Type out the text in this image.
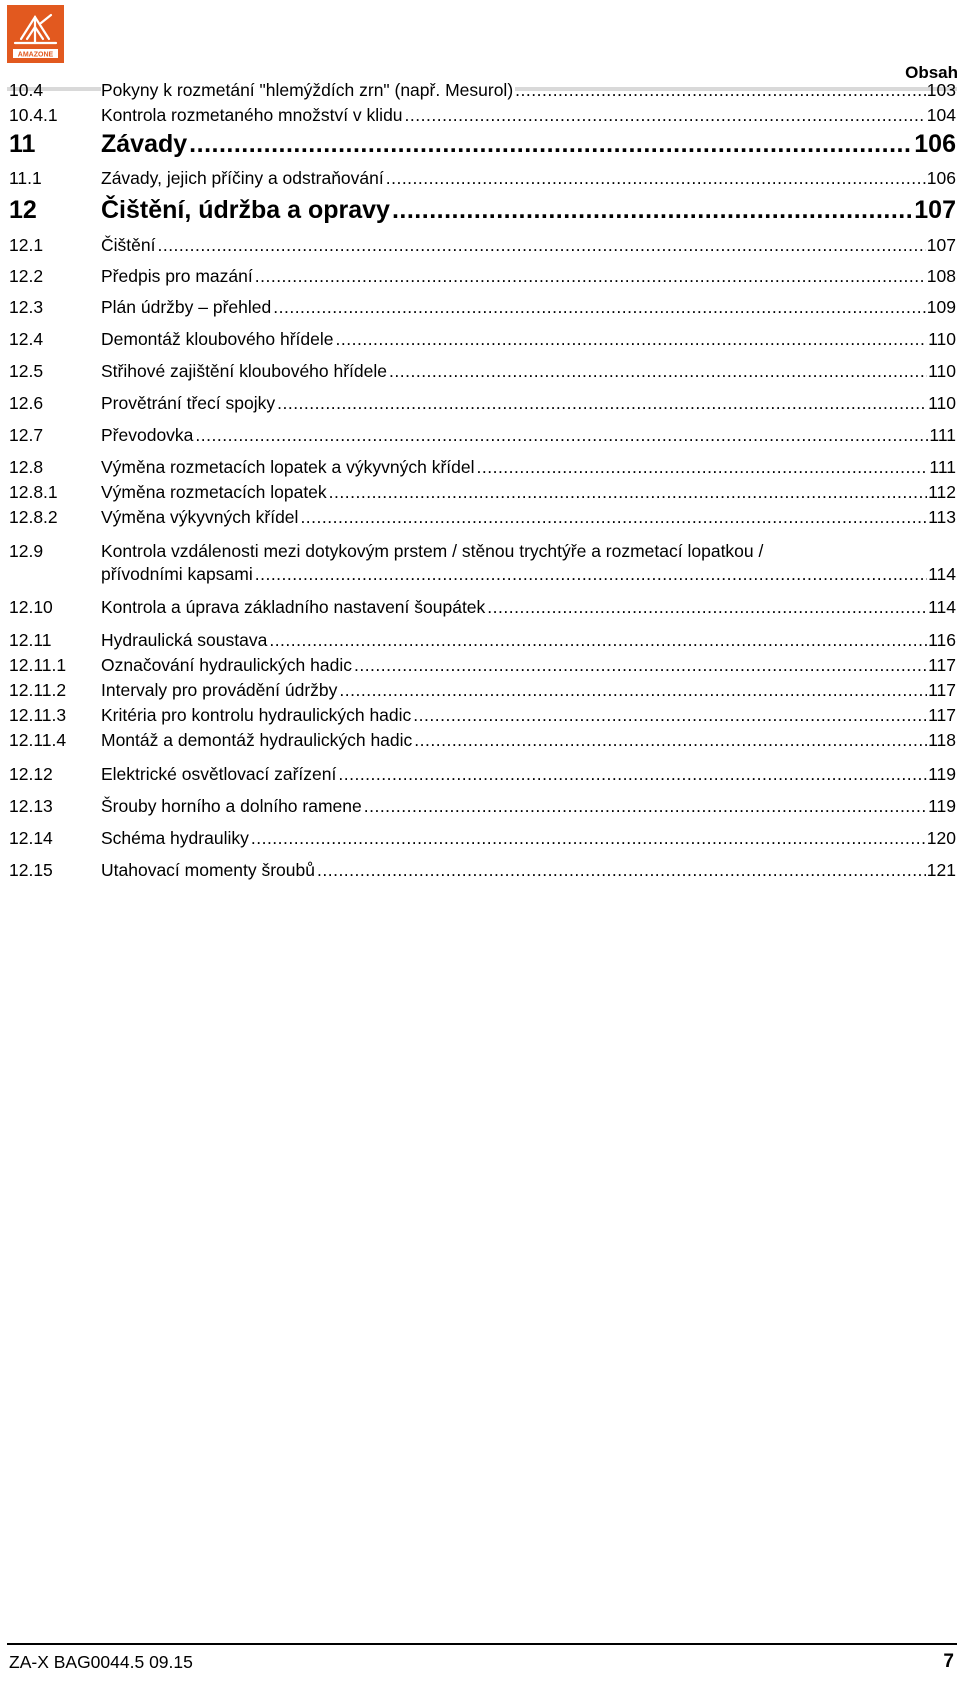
AMAZONE
Obsah
10.4	Pokyny k rozmetání "hlemýždích zrn" (např. Mesurol) .....	103
10.4.1 Kontrola rozmetaného množství v klidu .....	104
11	Závady .....	106
11.1	Závady, jejich příčiny a odstraňování .....	106
12	Čištění, údržba a opravy .....	107
12.1	Čištění .....	107
12.2	Předpis pro mazání .....	108
12.3	Plán údržby – přehled .....	109
12.4	Demontáž kloubového hřídele .....	110
12.5	Střihové zajištění kloubového hřídele .....	110
12.6	Provětrání třecí spojky .....	110
12.7	Převodovka .....	111
12.8	Výměna rozmetacích lopatek a výkyvných křídel .....	111
12.8.1 Výměna rozmetacích lopatek .....	112
12.8.2 Výměna výkyvných křídel .....	113
12.9	Kontrola vzdálenosti mezi dotykovým prstem / stěnou trychtýře a rozmetací lopatkou /
přívodními kapsami .....	114
12.10	Kontrola a úprava základního nastavení šoupátek .....	114
12.11	Hydraulická soustava .....	116
12.11.1 Označování hydraulických hadic .....	117
12.11.2 Intervaly pro provádění údržby .....	117
12.11.3 Kritéria pro kontrolu hydraulických hadic .....	117
12.11.4 Montáž a demontáž hydraulických hadic .....	118
12.12	Elektrické osvětlovací zařízení .....	119
12.13	Šrouby horního a dolního ramene .....	119
12.14	Schéma hydrauliky .....	120
12.15	Utahovací momenty šroubů .....	121
ZA-X BAG0044.5 09.15	7
